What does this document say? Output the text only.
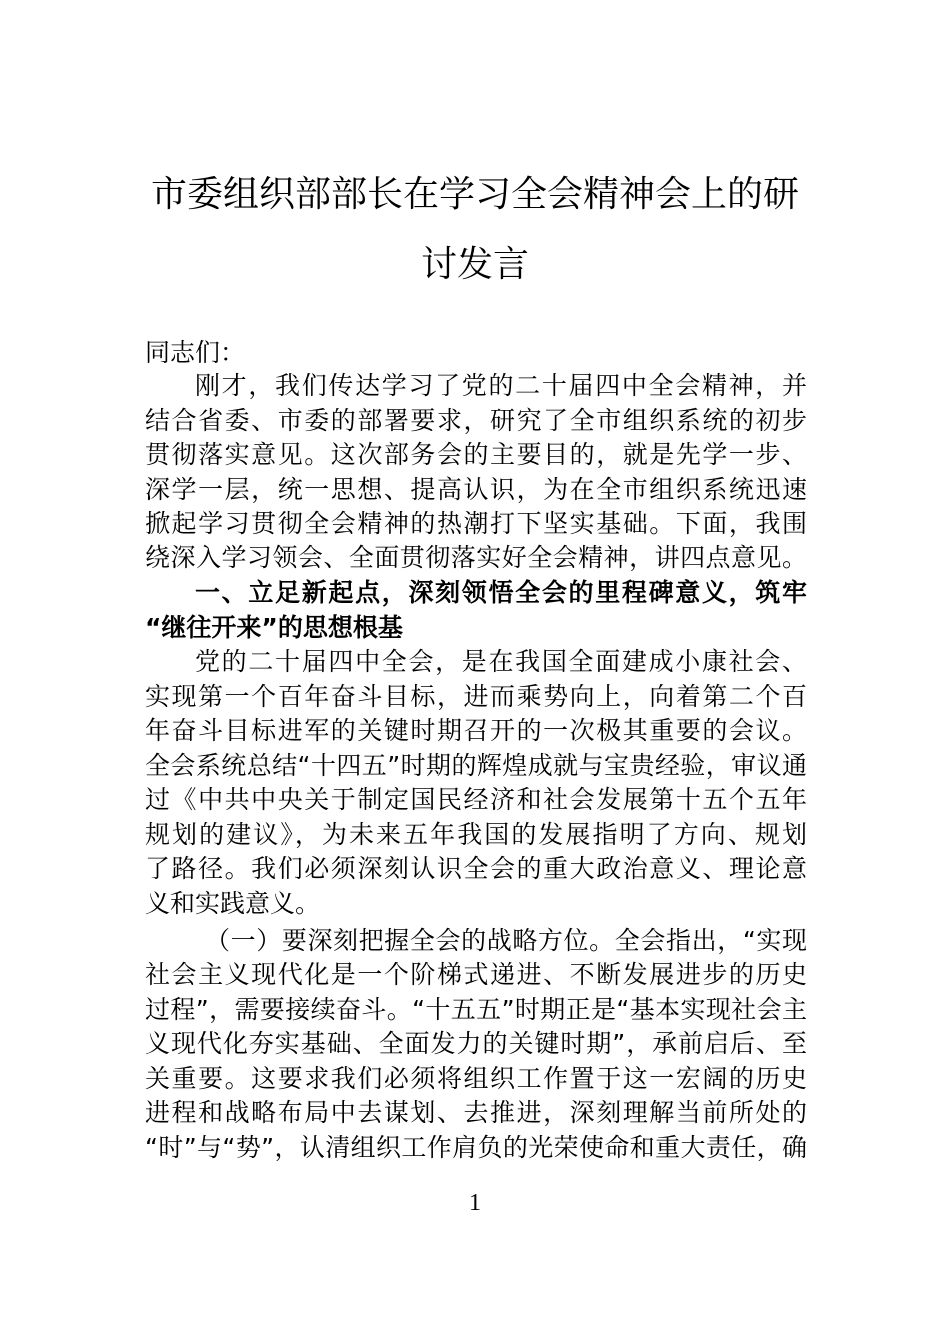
市委组织部部长在学习全会精神会上的研
讨发言
同志们：
刚才，我们传达学习了党的二十届四中全会精神，并
结合省委、市委的部署要求，研究了全市组织系统的初步
贯彻落实意见。这次部务会的主要目的，就是先学一步、
深学一层，统一思想、提高认识，为在全市组织系统迅速
掀起学习贯彻全会精神的热潮打下坚实基础。下面，我围
绕深入学习领会、全面贯彻落实好全会精神，讲四点意见。
一、立足新起点，深刻领悟全会的里程碑意义，筑牢
“继往开来”的思想根基
党的二十届四中全会，是在我国全面建成小康社会、
实现第一个百年奋斗目标，进而乘势向上，向着第二个百
年奋斗目标进军的关键时期召开的一次极其重要的会议。
全会系统总结“十四五”时期的辉煌成就与宝贵经验，审议通
过《中共中央关于制定国民经济和社会发展第十五个五年
规划的建议》，为未来五年我国的发展指明了方向、规划
了路径。我们必须深刻认识全会的重大政治意义、理论意
义和实践意义。
（一）要深刻把握全会的战略方位。全会指出，“实现
社会主义现代化是一个阶梯式递进、不断发展进步的历史
过程”，需要接续奋斗。“十五五”时期正是“基本实现社会主
义现代化夯实基础、全面发力的关键时期”，承前启后、至
关重要。这要求我们必须将组织工作置于这一宏阔的历史
进程和战略布局中去谋划、去推进，深刻理解当前所处的
“时”与“势”，认清组织工作肩负的光荣使命和重大责任，确
1
